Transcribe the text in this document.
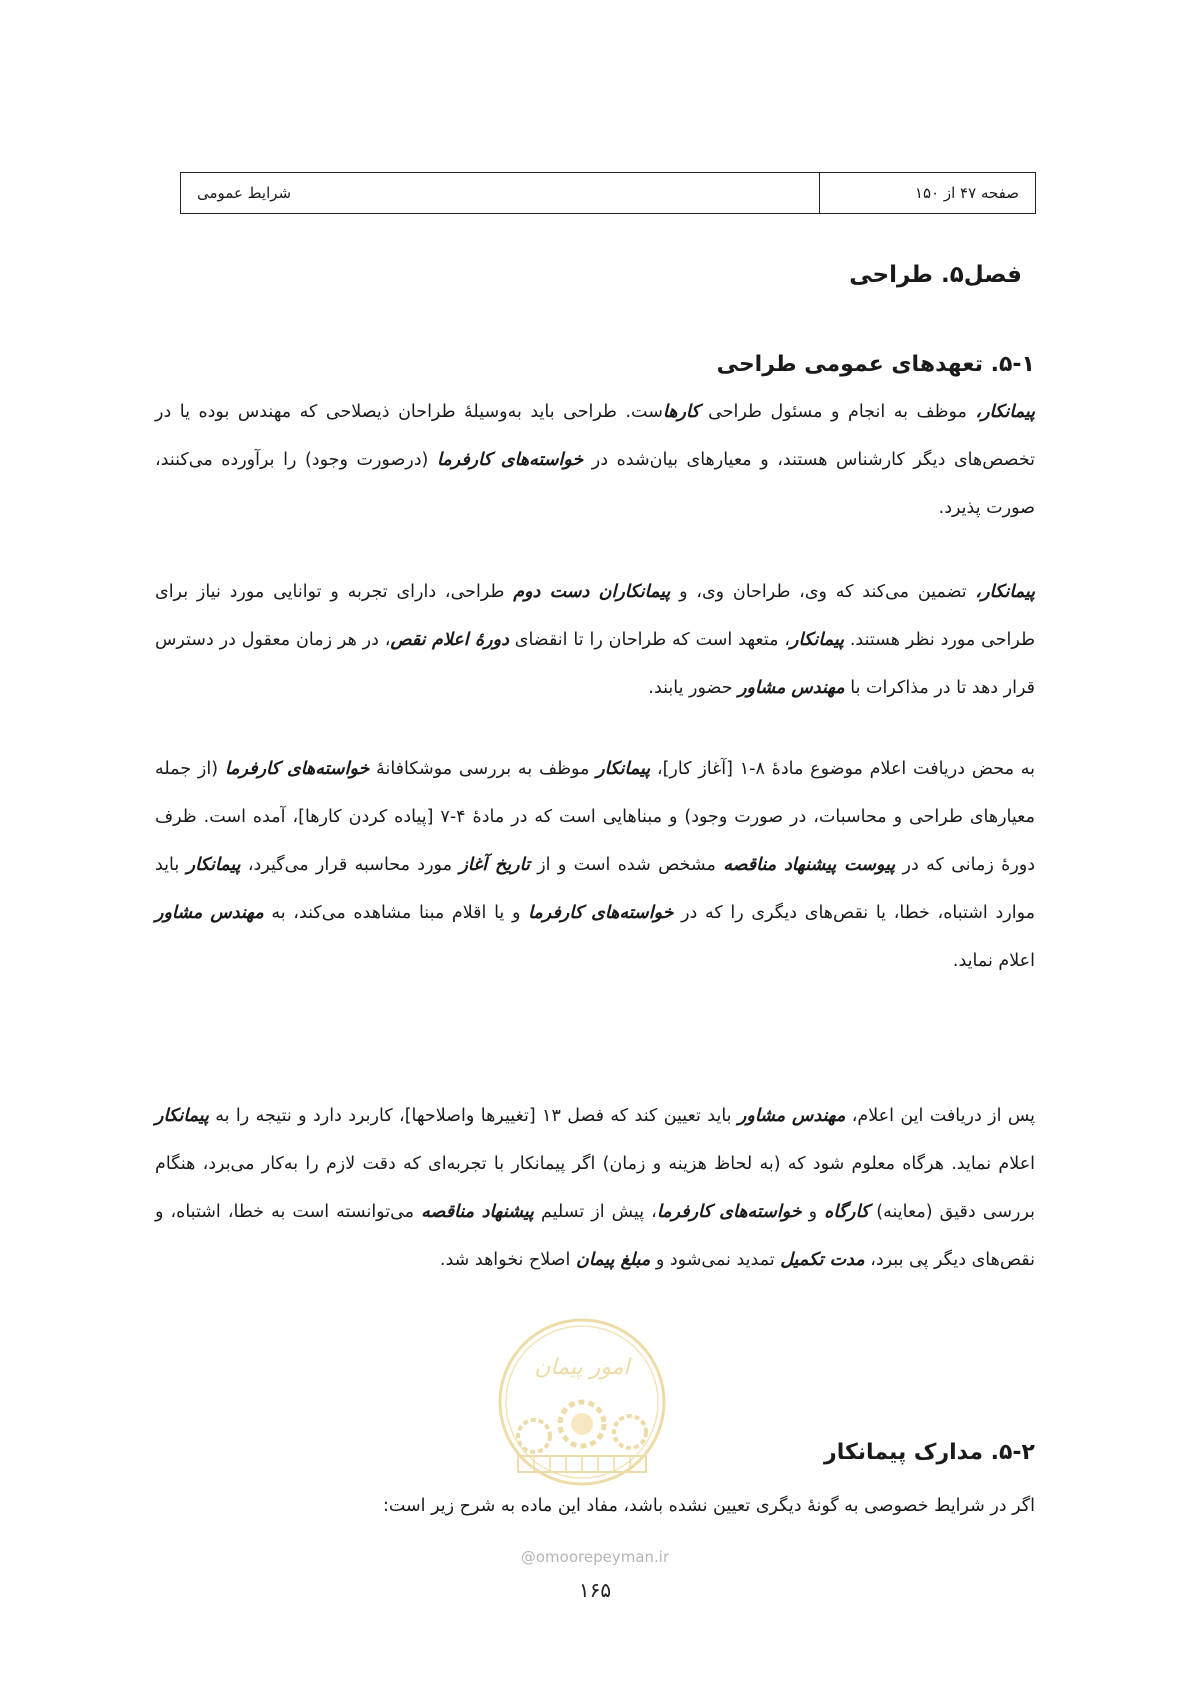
صفحه ۴۷ از ۱۵۰
شرایط عمومی
فصل۵. طراحی
۵-۱. تعهدهای عمومی طراحی

پیمانکار، موظف به انجام و مسئول طراحی کارهاست. طراحی باید به‌وسیلهٔ طراحان ذیصلاحی که مهندس بوده یا در تخصص‌های دیگر کارشناس هستند، و معیارهای بیان‌شده در خواسته‌های کارفرما (درصورت وجود) را برآورده می‌کنند، صورت پذیرد.

پیمانکار، تضمین می‌کند که وی، طراحان وی، و پیمانکاران دست دوم طراحی، دارای تجربه و توانایی مورد نیاز برای طراحی مورد نظر هستند. پیمانکار، متعهد است که طراحان را تا انقضای دورهٔ اعلام نقص، در هر زمان معقول در دسترس قرار دهد تا در مذاکرات با مهندس مشاور حضور یابند.

به محض دریافت اعلام موضوع مادهٔ ۸-۱ [آغاز کار]، پیمانکار موظف به بررسی موشکافانهٔ خواسته‌های کارفرما (از جمله معیارهای طراحی و محاسبات، در صورت وجود) و مبناهایی است که در مادهٔ ۴-۷ [پیاده کردن کارها]، آمده است. ظرف دورهٔ زمانی که در پیوست پیشنهاد مناقصه مشخص شده است و از تاریخ آغاز مورد محاسبه قرار می‌گیرد، پیمانکار باید موارد اشتباه، خطا، یا نقص‌های دیگری را که در خواسته‌های کارفرما و یا اقلام مبنا مشاهده می‌کند، به مهندس مشاور اعلام نماید.

پس از دریافت این اعلام، مهندس مشاور باید تعیین کند که فصل ۱۳ [تغییرها واصلاحها]، کاربرد دارد و نتیجه را به پیمانکار اعلام نماید. هرگاه معلوم شود که (به لحاظ هزینه و زمان) اگر پیمانکار با تجربه‌ای که دقت لازم را به‌کار می‌برد، هنگام بررسی دقیق (معاینه) کارگاه و خواسته‌های کارفرما، پیش از تسلیم پیشنهاد مناقصه می‌توانسته است به خطا، اشتباه، و نقص‌های دیگر پی ببرد، مدت تکمیل تمدید نمی‌شود و مبلغ پیمان اصلاح نخواهد شد.

امور پیمان
۵-۲. مدارک پیمانکار

اگر در شرایط خصوصی به گونهٔ دیگری تعیین نشده باشد، مفاد این ماده به شرح زیر است:

@omoorepeyman.ir
۱۶۵
